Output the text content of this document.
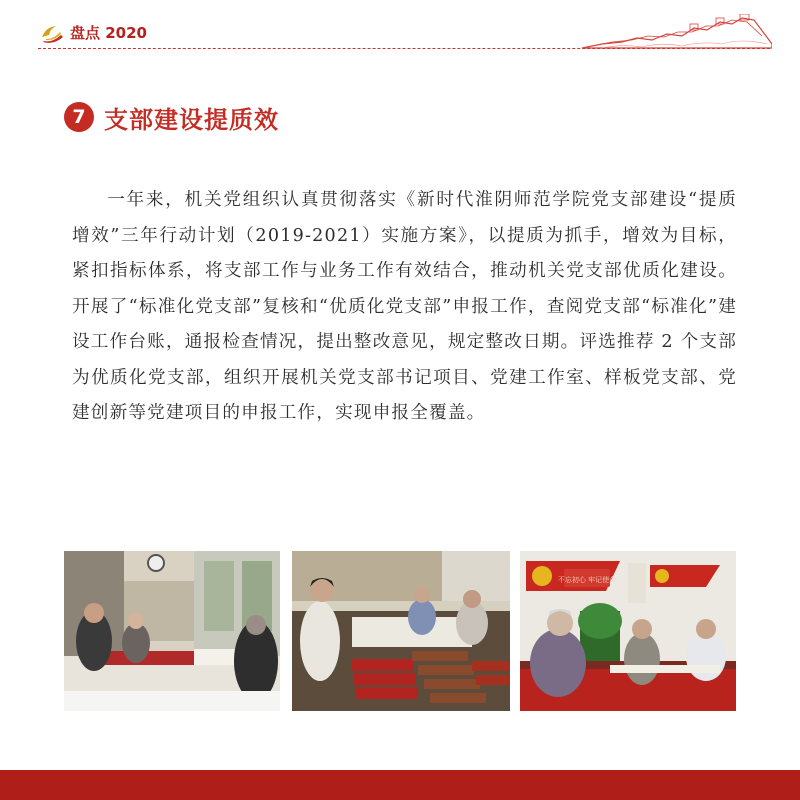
盘点 2020
7 支部建设提质效

一年来，机关党组织认真贯彻落实《新时代淮阴师范学院党支部建设“提质增效”三年行动计划（2019-2021）实施方案》，以提质为抓手，增效为目标，紧扣指标体系，将支部工作与业务工作有效结合，推动机关党支部优质化建设。开展了“标准化党支部”复核和“优质化党支部”申报工作，查阅党支部“标准化”建设工作台账，通报检查情况，提出整改意见，规定整改日期。评选推荐 2 个支部为优质化党支部，组织开展机关党支部书记项目、党建工作室、样板党支部、党建创新等党建项目的申报工作，实现申报全覆盖。

不忘初心 牢记使命
